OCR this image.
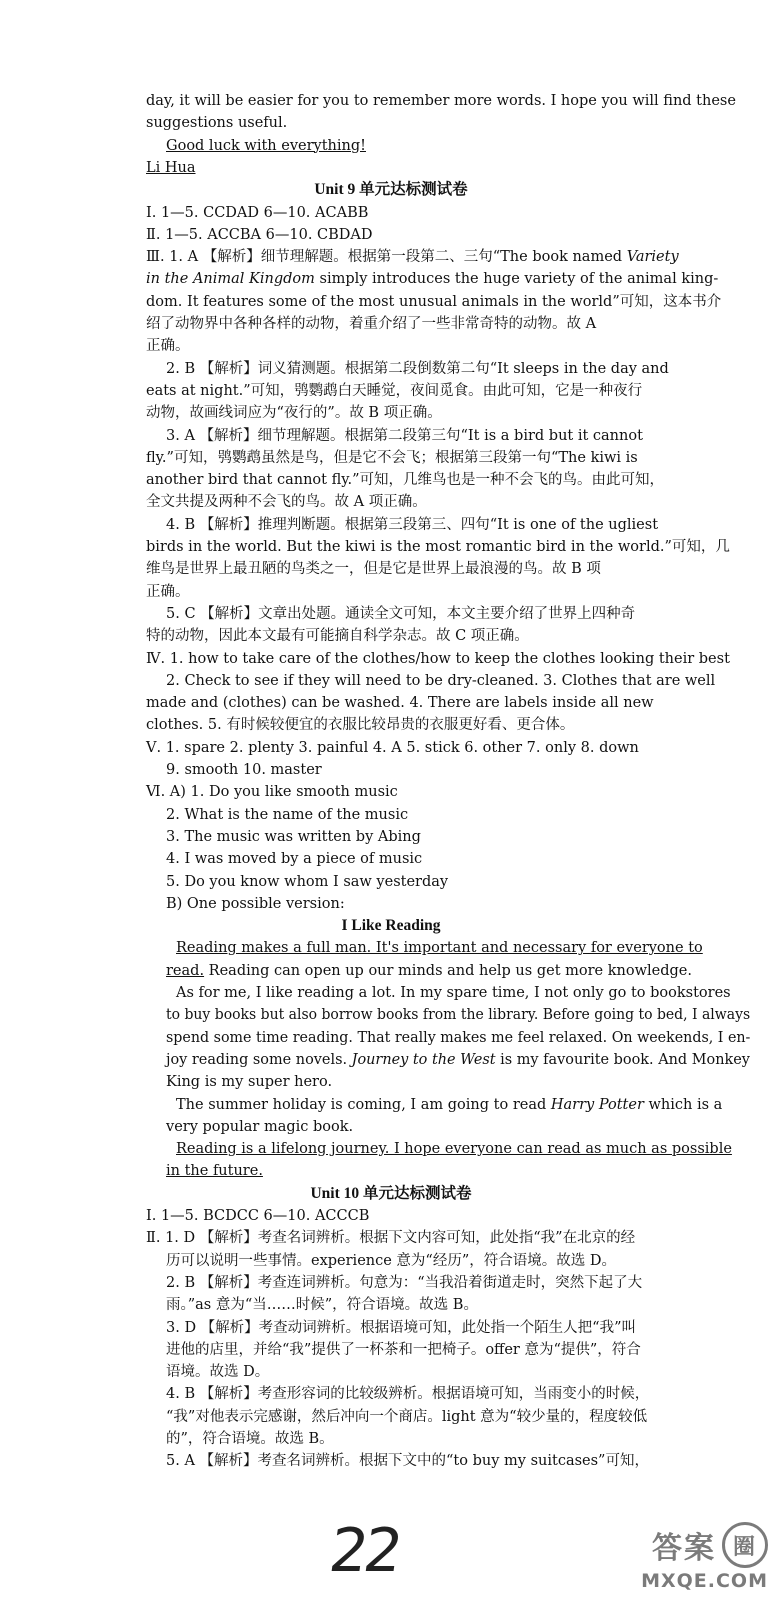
day, it will be easier for you to remember more words. I hope you will find these
suggestions useful.
Good luck with everything!
Li Hua
Unit 9 单元达标测试卷
Ⅰ. 1—5. CCDAD 6—10. ACABB
Ⅱ. 1—5. ACCBA 6—10. CBDAD
Ⅲ. 1. A 【解析】细节理解题。根据第一段第二、三句“The book named Variety
in the Animal Kingdom simply introduces the huge variety of the animal king-
dom. It features some of the most unusual animals in the world”可知，这本书介
绍了动物界中各种各样的动物，着重介绍了一些非常奇特的动物。故 A
正确。
2. B 【解析】词义猜测题。根据第二段倒数第二句“It sleeps in the day and
eats at night.”可知，鸮鹦鹉白天睡觉，夜间觅食。由此可知，它是一种夜行
动物，故画线词应为“夜行的”。故 B 项正确。
3. A 【解析】细节理解题。根据第二段第三句“It is a bird but it cannot
fly.”可知，鸮鹦鹉虽然是鸟，但是它不会飞；根据第三段第一句“The kiwi is
another bird that cannot fly.”可知，几维鸟也是一种不会飞的鸟。由此可知，
全文共提及两种不会飞的鸟。故 A 项正确。
4. B 【解析】推理判断题。根据第三段第三、四句“It is one of the ugliest
birds in the world. But the kiwi is the most romantic bird in the world.”可知，几
维鸟是世界上最丑陋的鸟类之一，但是它是世界上最浪漫的鸟。故 B 项
正确。
5. C 【解析】文章出处题。通读全文可知，本文主要介绍了世界上四种奇
特的动物，因此本文最有可能摘自科学杂志。故 C 项正确。
Ⅳ. 1. how to take care of the clothes/how to keep the clothes looking their best
2. Check to see if they will need to be dry-cleaned. 3. Clothes that are well
made and (clothes) can be washed. 4. There are labels inside all new
clothes. 5. 有时候较便宜的衣服比较昂贵的衣服更好看、更合体。
Ⅴ. 1. spare 2. plenty 3. painful 4. A 5. stick 6. other 7. only 8. down
9. smooth 10. master
Ⅵ. A) 1. Do you like smooth music
2. What is the name of the music
3. The music was written by Abing
4. I was moved by a piece of music
5. Do you know whom I saw yesterday
B) One possible version:
I Like Reading
Reading makes a full man. It's important and necessary for everyone to
read. Reading can open up our minds and help us get more knowledge.
As for me, I like reading a lot. In my spare time, I not only go to bookstores
to buy books but also borrow books from the library. Before going to bed, I always
spend some time reading. That really makes me feel relaxed. On weekends, I en-
joy reading some novels. Journey to the West is my favourite book. And Monkey
King is my super hero.
The summer holiday is coming, I am going to read Harry Potter which is a
very popular magic book.
Reading is a lifelong journey. I hope everyone can read as much as possible
in the future.
Unit 10 单元达标测试卷
Ⅰ. 1—5. BCDCC 6—10. ACCCB
Ⅱ. 1. D 【解析】考查名词辨析。根据下文内容可知，此处指“我”在北京的经
历可以说明一些事情。experience 意为“经历”，符合语境。故选 D。
2. B 【解析】考查连词辨析。句意为：“当我沿着街道走时，突然下起了大
雨。”as 意为“当……时候”，符合语境。故选 B。
3. D 【解析】考查动词辨析。根据语境可知，此处指一个陌生人把“我”叫
进他的店里，并给“我”提供了一杯茶和一把椅子。offer 意为“提供”，符合
语境。故选 D。
4. B 【解析】考查形容词的比较级辨析。根据语境可知，当雨变小的时候，
“我”对他表示完感谢，然后冲向一个商店。light 意为“较少量的，程度较低
的”，符合语境。故选 B。
5. A 【解析】考查名词辨析。根据下文中的“to buy my suitcases”可知，
22	答案 圈
MXQE.COM
